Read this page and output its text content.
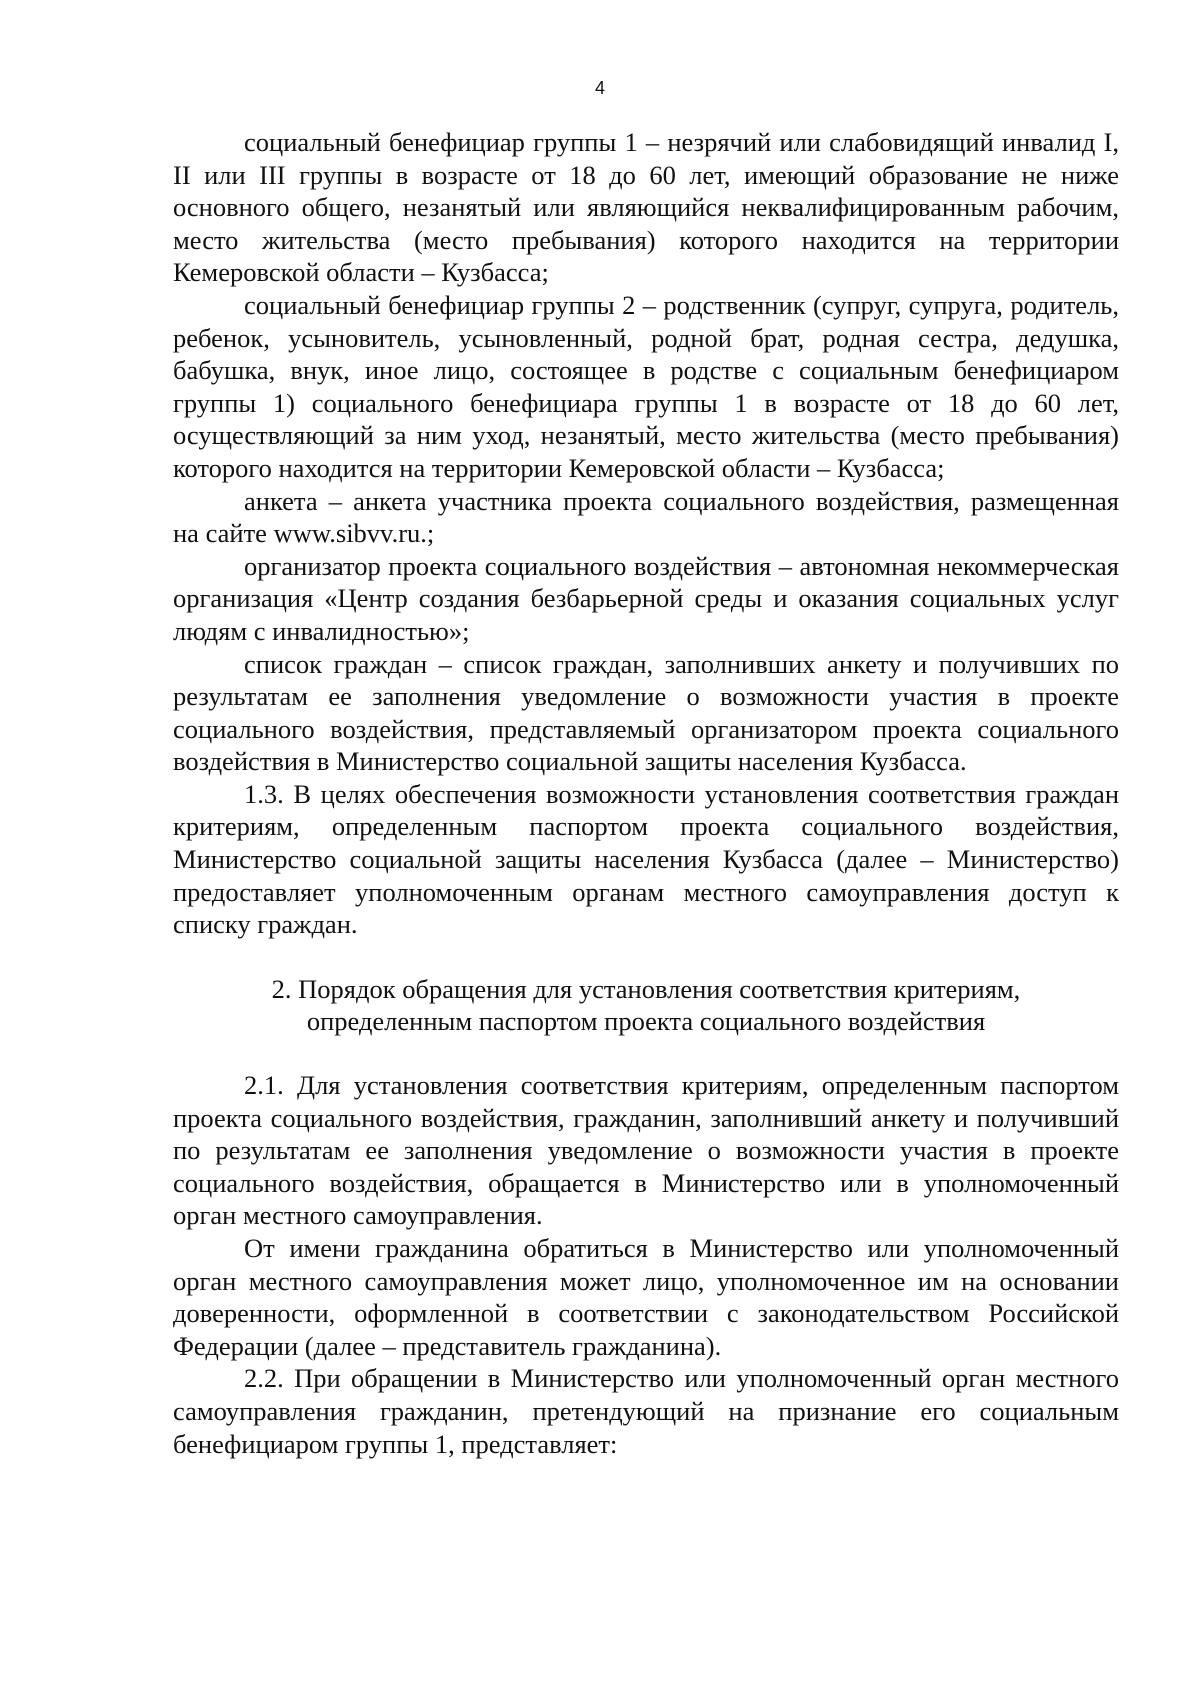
4

социальный бенефициар группы 1 – незрячий или слабовидящий инвалид I, II или III группы в возрасте от 18 до 60 лет, имеющий образование не ниже основного общего, незанятый или являющийся неквалифицированным рабочим, место жительства (место пребывания) которого находится на территории Кемеровской области – Кузбасса;

социальный бенефициар группы 2 – родственник (супруг, супруга, родитель, ребенок, усыновитель, усыновленный, родной брат, родная сестра, дедушка, бабушка, внук, иное лицо, состоящее в родстве с социальным бенефициаром группы 1) социального бенефициара группы 1 в возрасте от 18 до 60 лет, осуществляющий за ним уход, незанятый, место жительства (место пребывания) которого находится на территории Кемеровской области – Кузбасса;

анкета – анкета участника проекта социального воздействия, размещенная на сайте www.sibvv.ru.;

организатор проекта социального воздействия – автономная некоммерческая организация «Центр создания безбарьерной среды и оказания социальных услуг людям с инвалидностью»;

список граждан – список граждан, заполнивших анкету и получивших по результатам ее заполнения уведомление о возможности участия в проекте социального воздействия, представляемый организатором проекта социального воздействия в Министерство социальной защиты населения Кузбасса.

1.3. В целях обеспечения возможности установления соответствия граждан критериям, определенным паспортом проекта социального воздействия, Министерство социальной защиты населения Кузбасса (далее – Министерство) предоставляет уполномоченным органам местного самоуправления доступ к списку граждан.

2. Порядок обращения для установления соответствия критериям,
определенным паспортом проекта социального воздействия

2.1. Для установления соответствия критериям, определенным паспортом проекта социального воздействия, гражданин, заполнивший анкету и получивший по результатам ее заполнения уведомление о возможности участия в проекте социального воздействия, обращается в Министерство или в уполномоченный орган местного самоуправления.

От имени гражданина обратиться в Министерство или уполномоченный орган местного самоуправления может лицо, уполномоченное им на основании доверенности, оформленной в соответствии с законодательством Российской Федерации (далее – представитель гражданина).

2.2. При обращении в Министерство или уполномоченный орган местного самоуправления гражданин, претендующий на признание его социальным бенефициаром группы 1, представляет:
